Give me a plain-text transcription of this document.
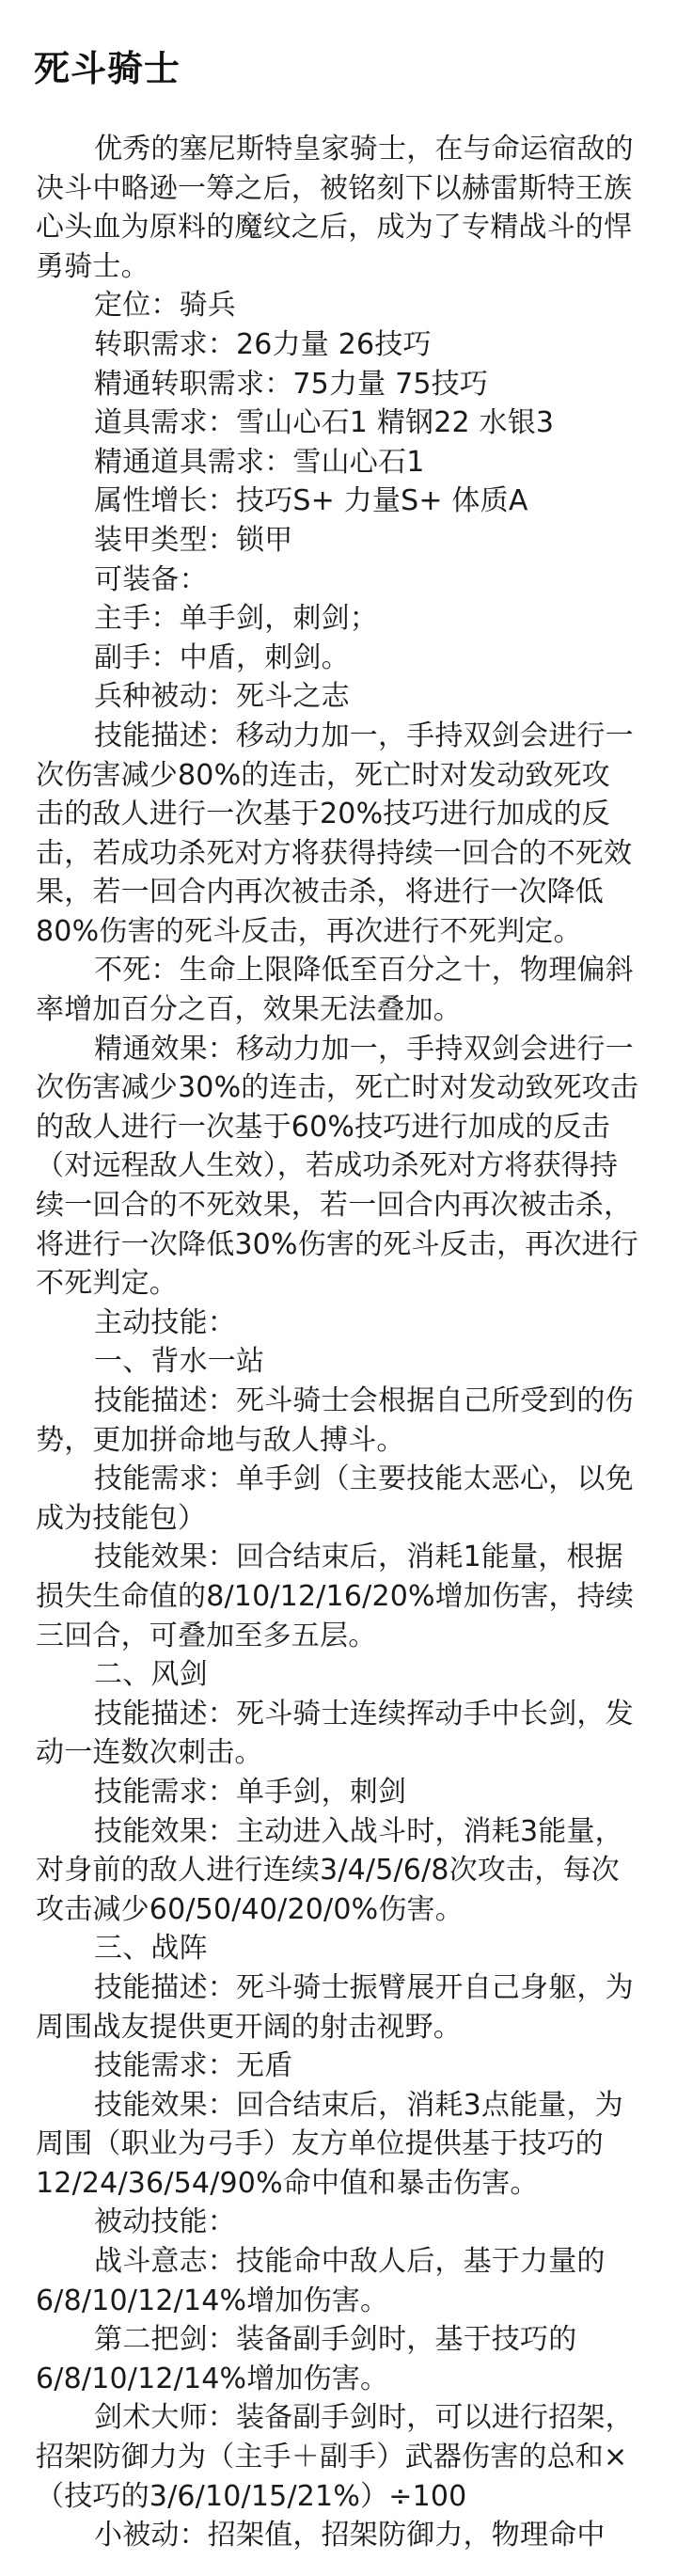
死斗骑士
优秀的塞尼斯特皇家骑士，在与命运宿敌的
决斗中略逊一筹之后，被铭刻下以赫雷斯特王族
心头血为原料的魔纹之后，成为了专精战斗的悍
勇骑士。
定位：骑兵
转职需求：26力量 26技巧
精通转职需求：75力量 75技巧
道具需求：雪山心石1 精钢22 水银3
精通道具需求：雪山心石1
属性增长：技巧S+ 力量S+ 体质A
装甲类型：锁甲
可装备：
主手：单手剑，刺剑；
副手：中盾，刺剑。
兵种被动：死斗之志
技能描述：移动力加一，手持双剑会进行一
次伤害减少80%的连击，死亡时对发动致死攻
击的敌人进行一次基于20%技巧进行加成的反
击，若成功杀死对方将获得持续一回合的不死效
果，若一回合内再次被击杀，将进行一次降低
80%伤害的死斗反击，再次进行不死判定。
不死：生命上限降低至百分之十，物理偏斜
率增加百分之百，效果无法叠加。
精通效果：移动力加一，手持双剑会进行一
次伤害减少30%的连击，死亡时对发动致死攻击
的敌人进行一次基于60%技巧进行加成的反击
（对远程敌人生效），若成功杀死对方将获得持
续一回合的不死效果，若一回合内再次被击杀，
将进行一次降低30%伤害的死斗反击，再次进行
不死判定。
主动技能：
一、背水一站
技能描述：死斗骑士会根据自己所受到的伤
势，更加拼命地与敌人搏斗。
技能需求：单手剑（主要技能太恶心，以免
成为技能包）
技能效果：回合结束后，消耗1能量，根据
损失生命值的8/10/12/16/20%增加伤害，持续
三回合，可叠加至多五层。
二、风剑
技能描述：死斗骑士连续挥动手中长剑，发
动一连数次刺击。
技能需求：单手剑，刺剑
技能效果：主动进入战斗时，消耗3能量，
对身前的敌人进行连续3/4/5/6/8次攻击，每次
攻击减少60/50/40/20/0%伤害。
三、战阵
技能描述：死斗骑士振臂展开自己身躯，为
周围战友提供更开阔的射击视野。
技能需求：无盾
技能效果：回合结束后，消耗3点能量，为
周围（职业为弓手）友方单位提供基于技巧的
12/24/36/54/90%命中值和暴击伤害。
被动技能：
战斗意志：技能命中敌人后，基于力量的
6/8/10/12/14%增加伤害。
第二把剑：装备副手剑时，基于技巧的
6/8/10/12/14%增加伤害。
剑术大师：装备副手剑时，可以进行招架，
招架防御力为（主手＋副手）武器伤害的总和×
（技巧的3/6/10/15/21%）÷100
小被动：招架值，招架防御力，物理命中
